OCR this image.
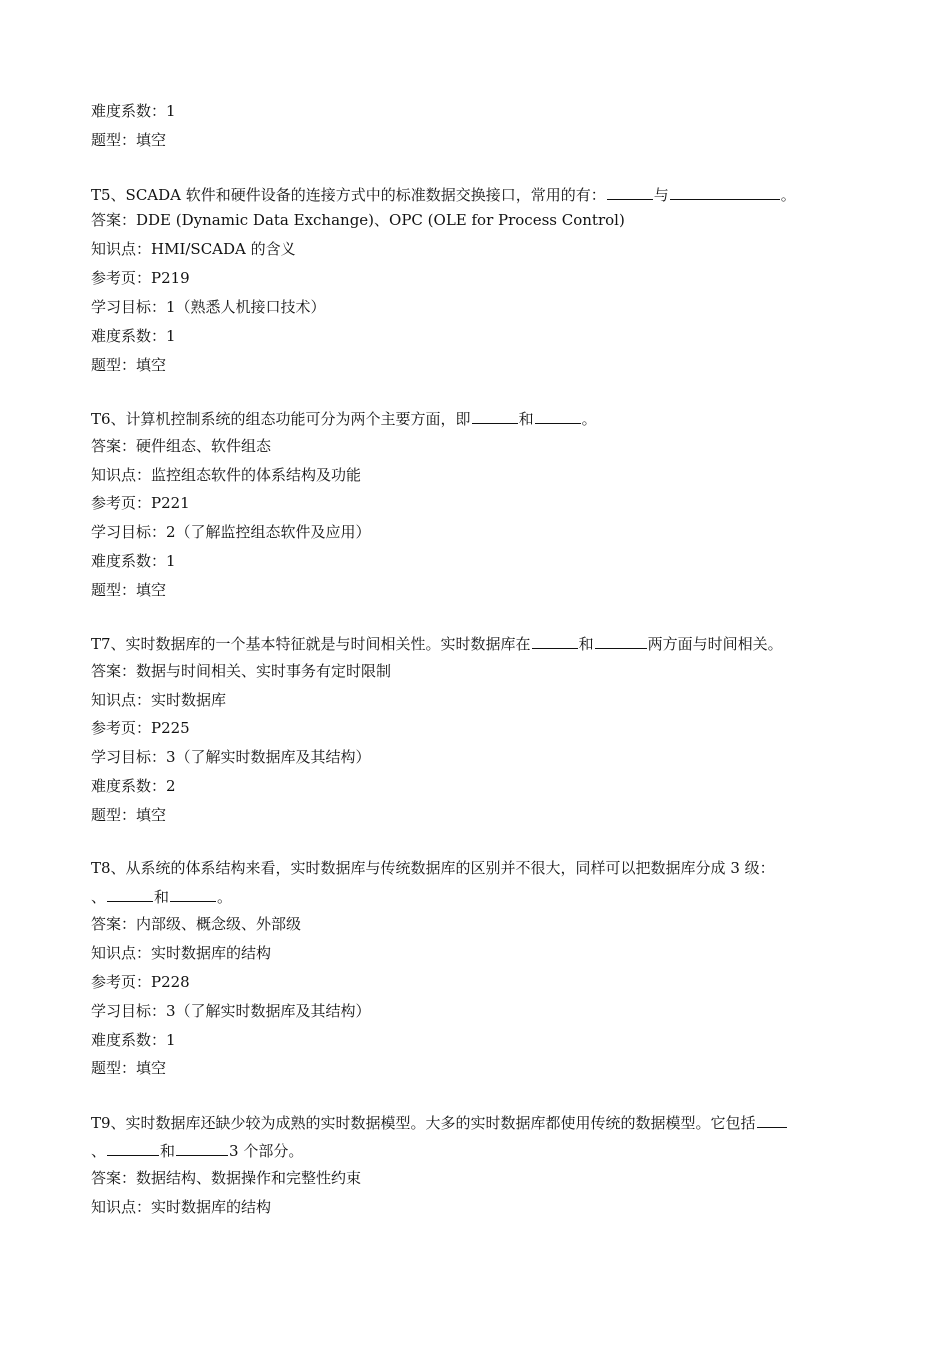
难度系数：1
题型：填空
T5、SCADA 软件和硬件设备的连接方式中的标准数据交换接口，常用的有：	与	。
答案：DDE (Dynamic Data Exchange)、OPC (OLE for Process Control)
知识点：HMI/SCADA 的含义
参考页：P219
学习目标：1（熟悉人机接口技术）
难度系数：1
题型：填空
T6、计算机控制系统的组态功能可分为两个主要方面，即	和	。
答案：硬件组态、软件组态
知识点：监控组态软件的体系结构及功能
参考页：P221
学习目标：2（了解监控组态软件及应用）
难度系数：1
题型：填空
T7、实时数据库的一个基本特征就是与时间相关性。实时数据库在	和	两方面与时间相关。
答案：数据与时间相关、实时事务有定时限制
知识点：实时数据库
参考页：P225
学习目标：3（了解实时数据库及其结构）
难度系数：2
题型：填空
T8、从系统的体系结构来看，实时数据库与传统数据库的区别并不很大，同样可以把数据库分成 3 级：
、	和	。
答案：内部级、概念级、外部级
知识点：实时数据库的结构
参考页：P228
学习目标：3（了解实时数据库及其结构）
难度系数：1
题型：填空
T9、实时数据库还缺少较为成熟的实时数据模型。大多的实时数据库都使用传统的数据模型。它包括
、	和	3 个部分。
答案：数据结构、数据操作和完整性约束
知识点：实时数据库的结构
